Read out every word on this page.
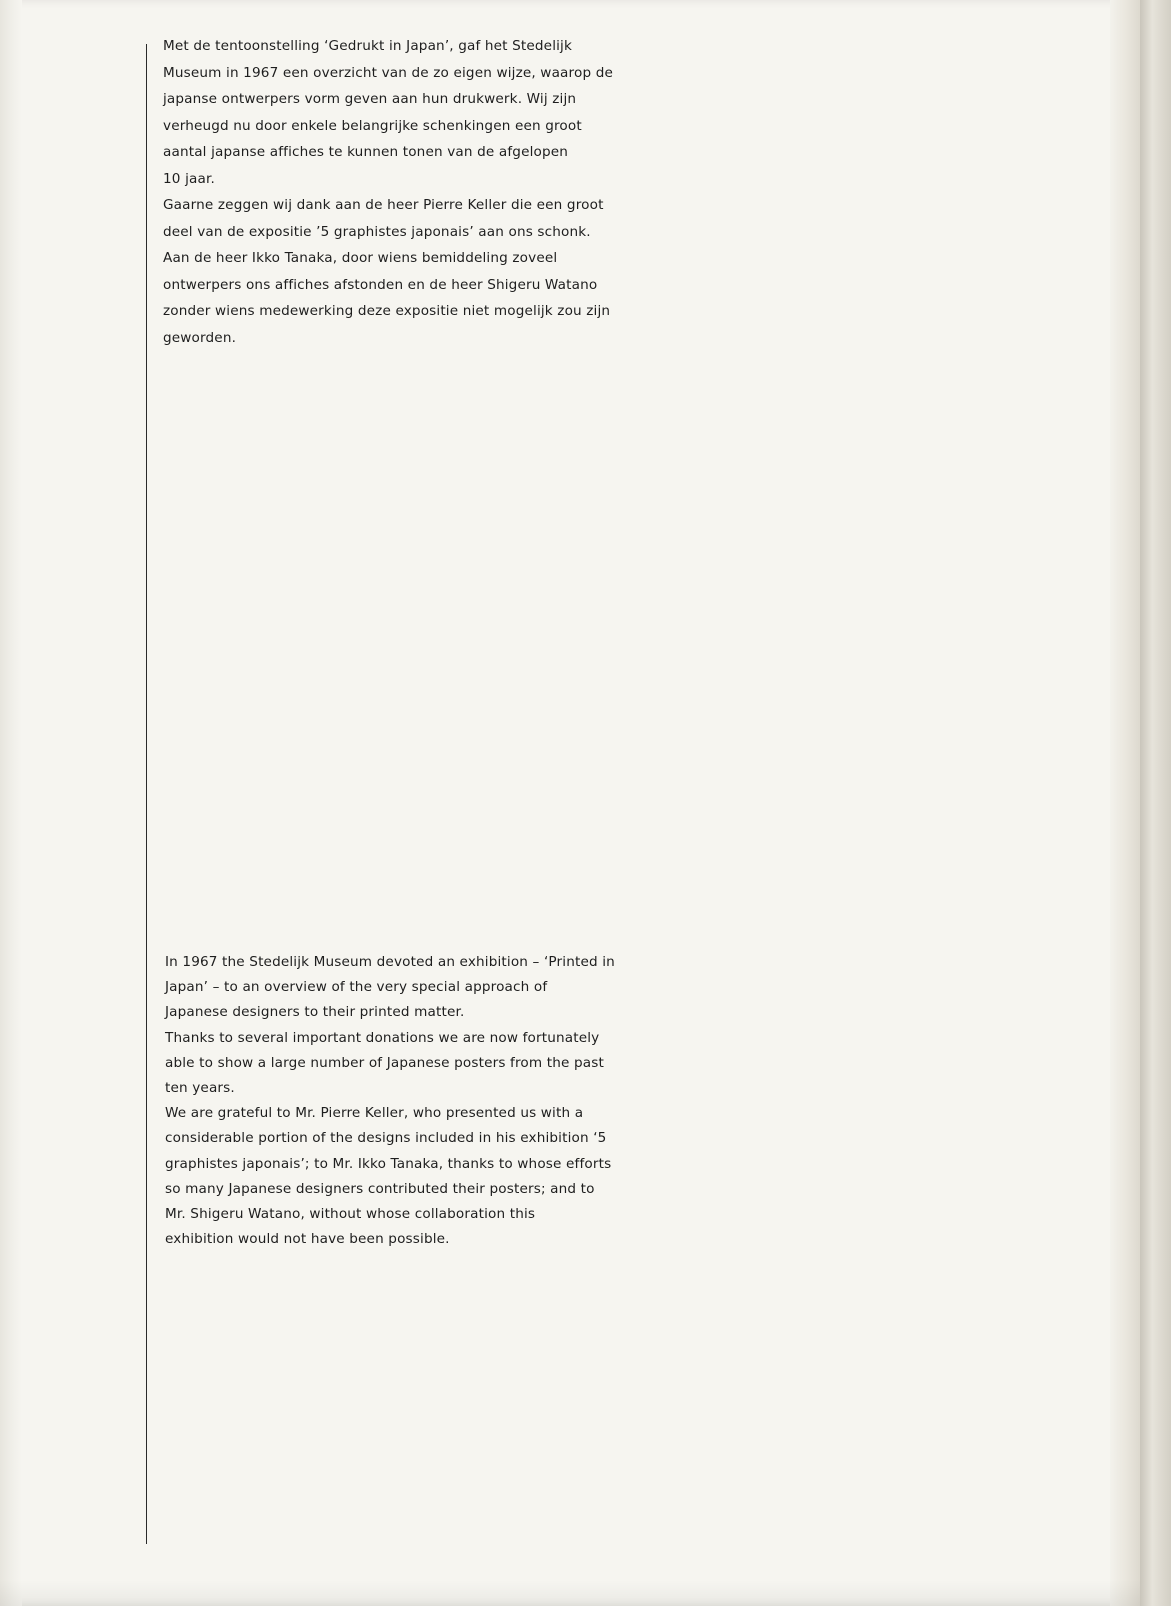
Met de tentoonstelling ‘Gedrukt in Japan’, gaf het Stedelijk

Museum in 1967 een overzicht van de zo eigen wijze, waarop de

japanse ontwerpers vorm geven aan hun drukwerk. Wij zijn

verheugd nu door enkele belangrijke schenkingen een groot

aantal japanse affiches te kunnen tonen van de afgelopen

10 jaar.

Gaarne zeggen wij dank aan de heer Pierre Keller die een groot

deel van de expositie ’5 graphistes japonais’ aan ons schonk.

Aan de heer Ikko Tanaka, door wiens bemiddeling zoveel

ontwerpers ons affiches afstonden en de heer Shigeru Watano

zonder wiens medewerking deze expositie niet mogelijk zou zijn

geworden.

In 1967 the Stedelijk Museum devoted an exhibition – ‘Printed in

Japan’ – to an overview of the very special approach of

Japanese designers to their printed matter.

Thanks to several important donations we are now fortunately

able to show a large number of Japanese posters from the past

ten years.

We are grateful to Mr. Pierre Keller, who presented us with a

considerable portion of the designs included in his exhibition ‘5

graphistes japonais’; to Mr. Ikko Tanaka, thanks to whose efforts

so many Japanese designers contributed their posters; and to

Mr. Shigeru Watano, without whose collaboration this

exhibition would not have been possible.
